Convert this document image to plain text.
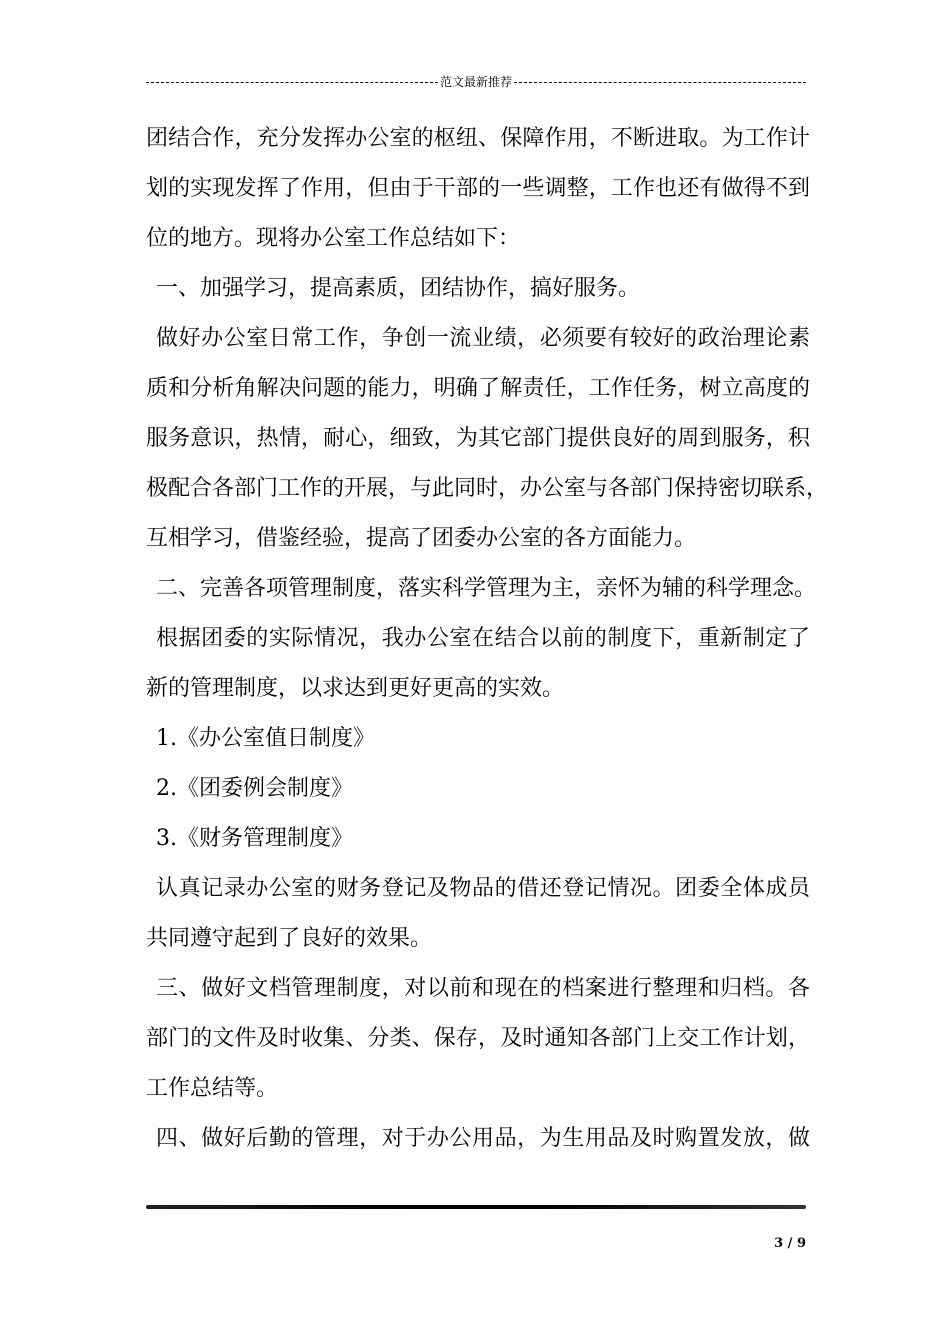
范文最新推荐
团结合作，充分发挥办公室的枢纽、保障作用，不断进取。为工作计
划的实现发挥了作用，但由于干部的一些调整，工作也还有做得不到
位的地方。现将办公室工作总结如下：
一、加强学习，提高素质，团结协作，搞好服务。
做好办公室日常工作，争创一流业绩，必须要有较好的政治理论素
质和分析角解决问题的能力，明确了解责任，工作任务，树立高度的
服务意识，热情，耐心，细致，为其它部门提供良好的周到服务，积
极配合各部门工作的开展，与此同时，办公室与各部门保持密切联系，
互相学习，借鉴经验，提高了团委办公室的各方面能力。
二、完善各项管理制度，落实科学管理为主，亲怀为辅的科学理念。
根据团委的实际情况，我办公室在结合以前的制度下，重新制定了
新的管理制度，以求达到更好更高的实效。
1.《办公室值日制度》
2.《团委例会制度》
3.《财务管理制度》
认真记录办公室的财务登记及物品的借还登记情况。团委全体成员
共同遵守起到了良好的效果。
三、做好文档管理制度，对以前和现在的档案进行整理和归档。各
部门的文件及时收集、分类、保存，及时通知各部门上交工作计划，
工作总结等。
四、做好后勤的管理，对于办公用品，为生用品及时购置发放，做
3 / 9
